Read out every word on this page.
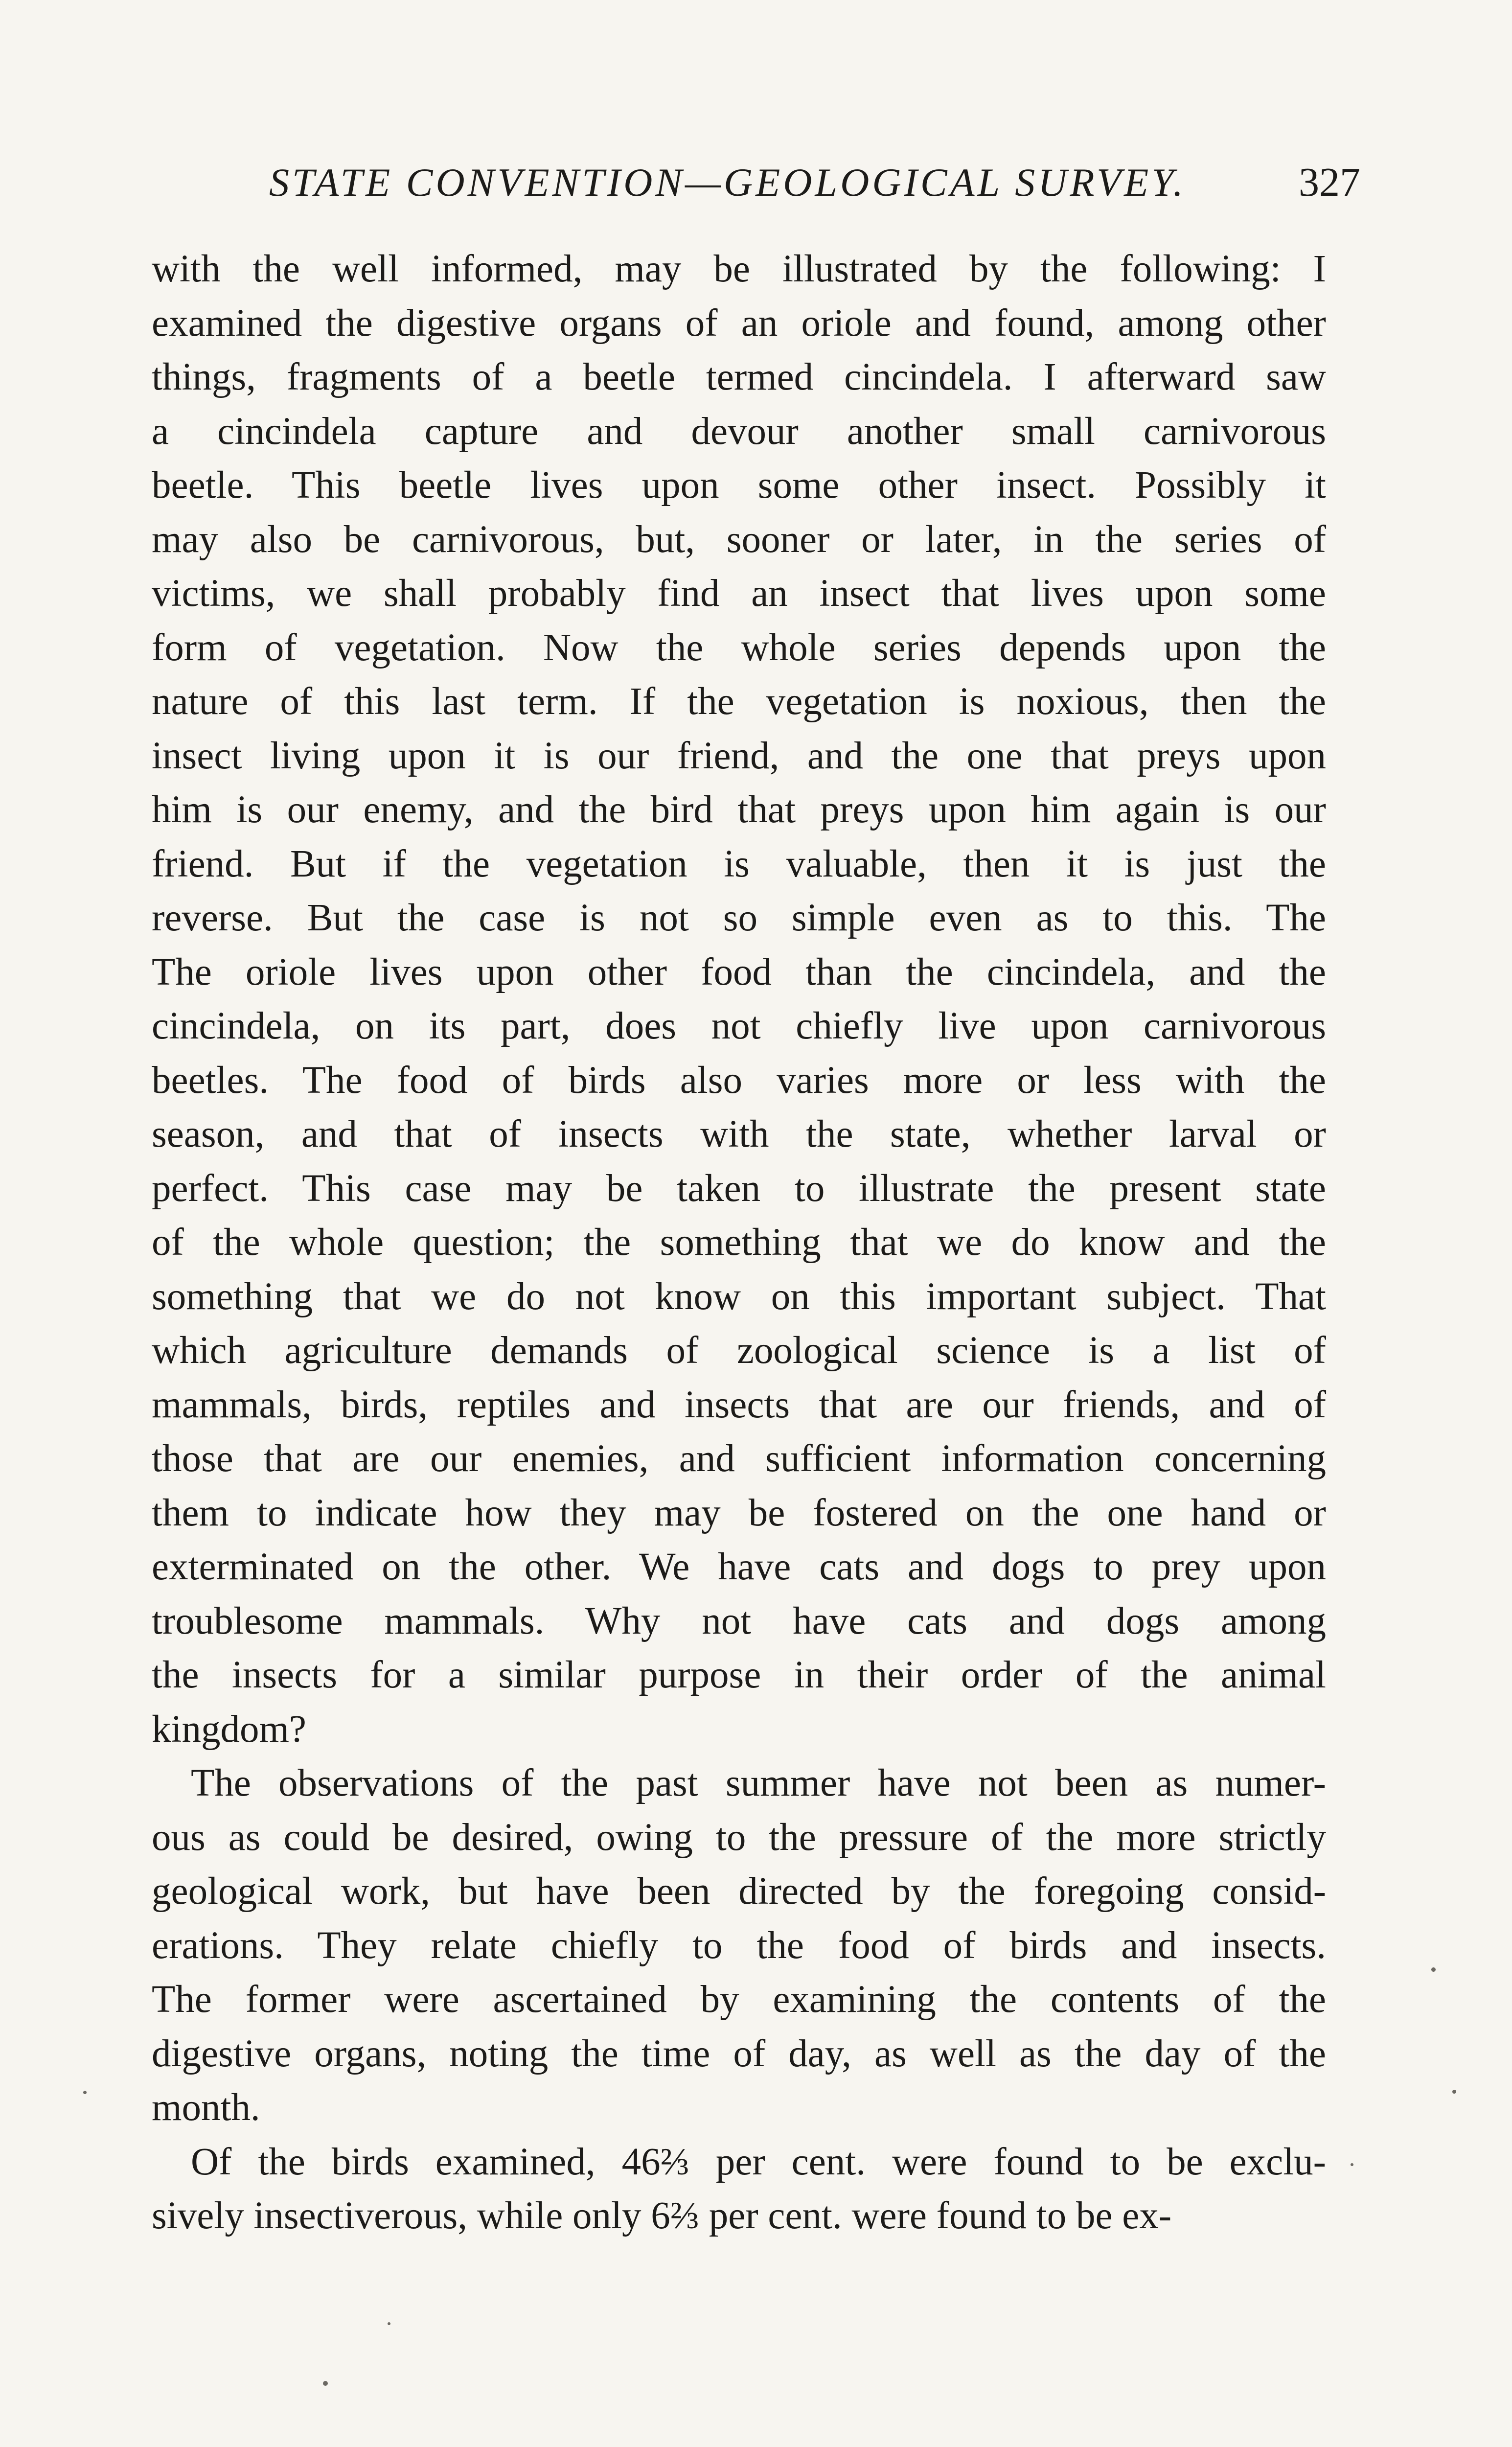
STATE CONVENTION—GEOLOGICAL SURVEY.	327

with the well informed, may be illustrated by the following: I
examined the digestive organs of an oriole and found, among other
things, fragments of a beetle termed cincindela. I afterward saw
a cincindela capture and devour another small carnivorous
beetle. This beetle lives upon some other insect. Possibly it
may also be carnivorous, but, sooner or later, in the series of
victims, we shall probably find an insect that lives upon some
form of vegetation. Now the whole series depends upon the
nature of this last term. If the vegetation is noxious, then the
insect living upon it is our friend, and the one that preys upon
him is our enemy, and the bird that preys upon him again is our
friend. But if the vegetation is valuable, then it is just the
reverse. But the case is not so simple even as to this. The
The oriole lives upon other food than the cincindela, and the
cincindela, on its part, does not chiefly live upon carnivorous
beetles. The food of birds also varies more or less with the
season, and that of insects with the state, whether larval or
perfect. This case may be taken to illustrate the present state
of the whole question; the something that we do know and the
something that we do not know on this important subject. That
which agriculture demands of zoological science is a list of
mammals, birds, reptiles and insects that are our friends, and of
those that are our enemies, and sufficient information concerning
them to indicate how they may be fostered on the one hand or
exterminated on the other. We have cats and dogs to prey upon
troublesome mammals. Why not have cats and dogs among
the insects for a similar purpose in their order of the animal
kingdom?

The observations of the past summer have not been as numer-
ous as could be desired, owing to the pressure of the more strictly
geological work, but have been directed by the foregoing consid-
erations. They relate chiefly to the food of birds and insects.
The former were ascertained by examining the contents of the
digestive organs, noting the time of day, as well as the day of the
month.

Of the birds examined, 46⅔ per cent. were found to be exclu-
sively insectiverous, while only 6⅔ per cent. were found to be ex-
